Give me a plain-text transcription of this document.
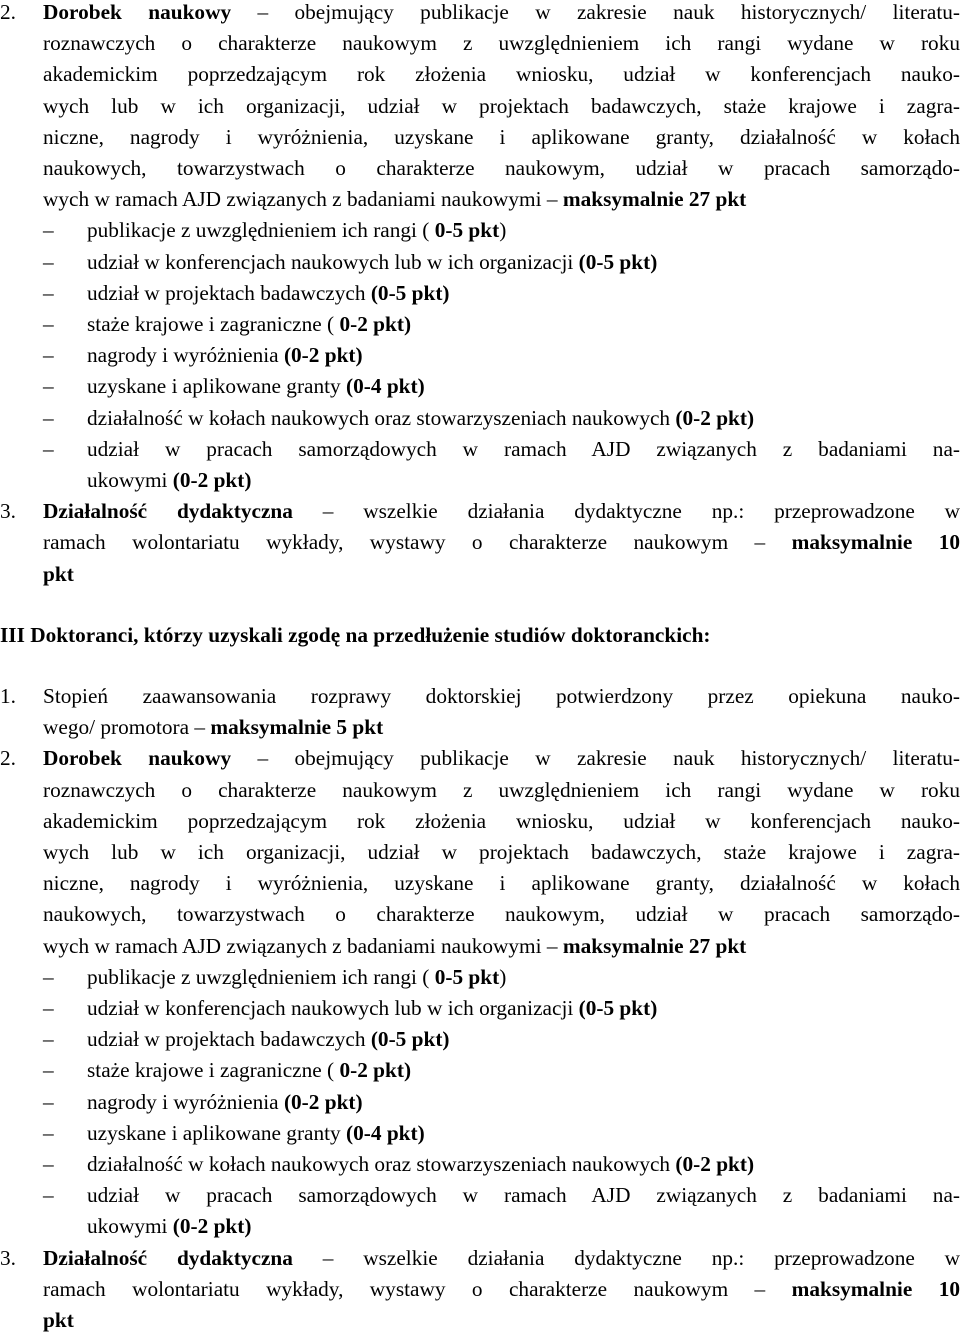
2. Dorobek naukowy – obejmujący publikacje w zakresie nauk historycznych/ literatu-
roznawczych o charakterze naukowym z uwzględnieniem ich rangi wydane w roku
akademickim poprzedzającym rok złożenia wniosku, udział w konferencjach nauko-
wych lub w ich organizacji, udział w projektach badawczych, staże krajowe i zagra-
niczne, nagrody i wyróżnienia, uzyskane i aplikowane granty, działalność w kołach
naukowych, towarzystwach o charakterze naukowym, udział w pracach samorządo-
wych w ramach AJD związanych z badaniami naukowymi – maksymalnie 27 pkt
– publikacje z uwzględnieniem ich rangi ( 0-5 pkt)
– udział w konferencjach naukowych lub w ich organizacji (0-5 pkt)
– udział w projektach badawczych (0-5 pkt)
– staże krajowe i zagraniczne ( 0-2 pkt)
– nagrody i wyróżnienia (0-2 pkt)
– uzyskane i aplikowane granty (0-4 pkt)
– działalność w kołach naukowych oraz stowarzyszeniach naukowych (0-2 pkt)
– udział w pracach samorządowych w ramach AJD związanych z badaniami na-
ukowymi (0-2 pkt)
3. Działalność dydaktyczna – wszelkie działania dydaktyczne np.: przeprowadzone w
ramach wolontariatu wykłady, wystawy o charakterze naukowym – maksymalnie 10
pkt
III Doktoranci, którzy uzyskali zgodę na przedłużenie studiów doktoranckich:
1. Stopień zaawansowania rozprawy doktorskiej potwierdzony przez opiekuna nauko-
wego/ promotora – maksymalnie 5 pkt
2. Dorobek naukowy – obejmujący publikacje w zakresie nauk historycznych/ literatu-
roznawczych o charakterze naukowym z uwzględnieniem ich rangi wydane w roku
akademickim poprzedzającym rok złożenia wniosku, udział w konferencjach nauko-
wych lub w ich organizacji, udział w projektach badawczych, staże krajowe i zagra-
niczne, nagrody i wyróżnienia, uzyskane i aplikowane granty, działalność w kołach
naukowych, towarzystwach o charakterze naukowym, udział w pracach samorządo-
wych w ramach AJD związanych z badaniami naukowymi – maksymalnie 27 pkt
– publikacje z uwzględnieniem ich rangi ( 0-5 pkt)
– udział w konferencjach naukowych lub w ich organizacji (0-5 pkt)
– udział w projektach badawczych (0-5 pkt)
– staże krajowe i zagraniczne ( 0-2 pkt)
– nagrody i wyróżnienia (0-2 pkt)
– uzyskane i aplikowane granty (0-4 pkt)
– działalność w kołach naukowych oraz stowarzyszeniach naukowych (0-2 pkt)
– udział w pracach samorządowych w ramach AJD związanych z badaniami na-
ukowymi (0-2 pkt)
3. Działalność dydaktyczna – wszelkie działania dydaktyczne np.: przeprowadzone w
ramach wolontariatu wykłady, wystawy o charakterze naukowym – maksymalnie 10
pkt
